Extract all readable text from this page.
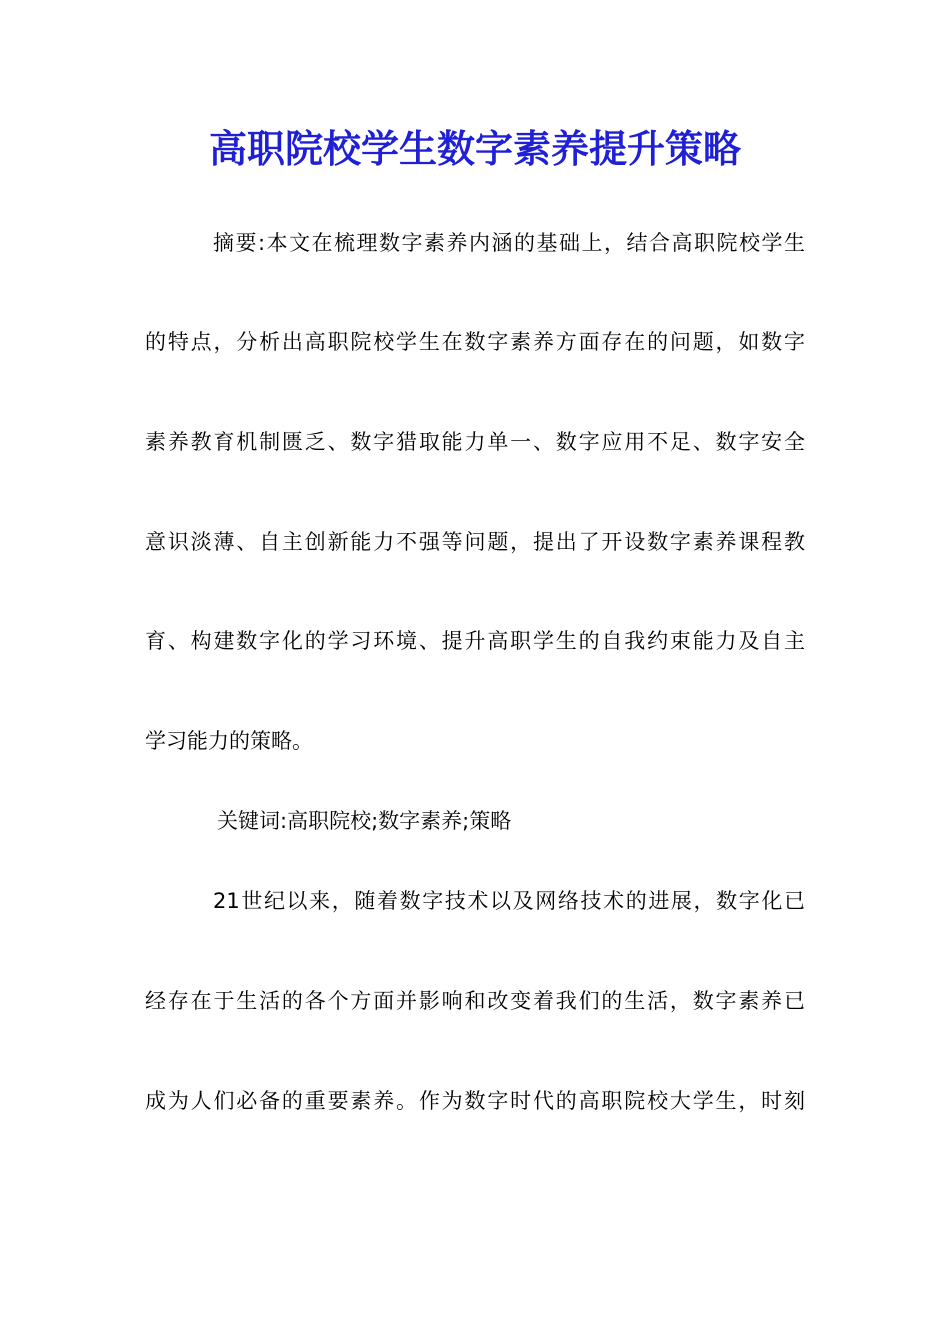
高职院校学生数字素养提升策略
摘要:本文在梳理数字素养内涵的基础上，结合高职院校学生
的特点，分析出高职院校学生在数字素养方面存在的问题，如数字
素养教育机制匮乏、数字猎取能力单一、数字应用不足、数字安全
意识淡薄、自主创新能力不强等问题，提出了开设数字素养课程教
育、构建数字化的学习环境、提升高职学生的自我约束能力及自主
学习能力的策略。
关键词:高职院校;数字素养;策略
21世纪以来，随着数字技术以及网络技术的进展，数字化已
经存在于生活的各个方面并影响和改变着我们的生活，数字素养已
成为人们必备的重要素养。作为数字时代的高职院校大学生，时刻
